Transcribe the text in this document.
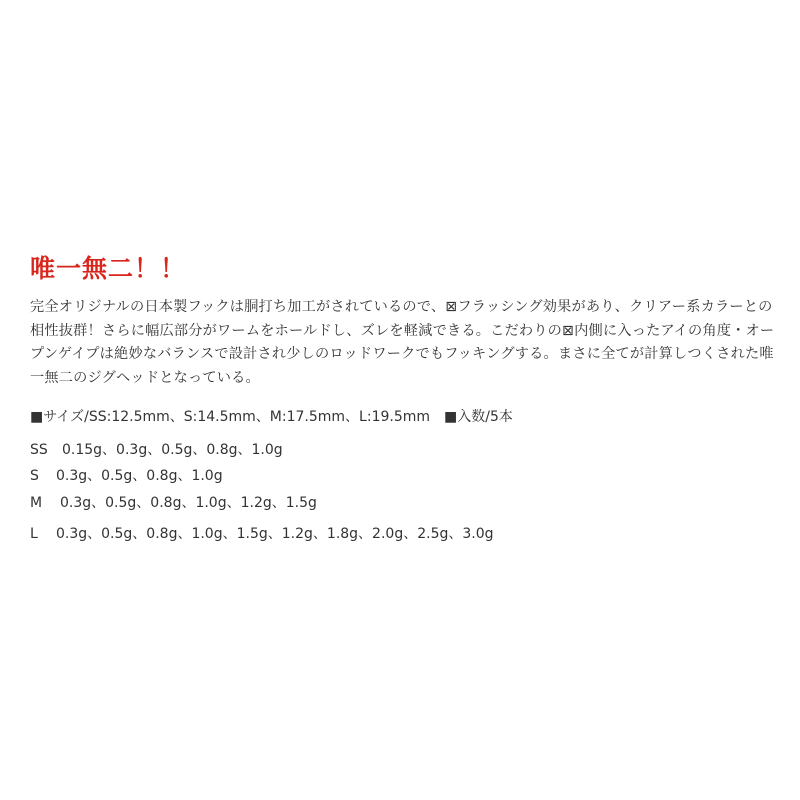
唯一無二！！

完全オリジナルの日本製フックは胴打ち加工がされているので、⊠フラッシング効果があり、クリアー系カラーとの相性抜群！さらに幅広部分がワームをホールドし、ズレを軽減できる。こだわりの⊠内側に入ったアイの角度・オープンゲイプは絶妙なバランスで設計され少しのロッドワークでもフッキングする。まさに全てが計算しつくされた唯一無二のジグヘッドとなっている。

■サイズ/SS:12.5mm、S:14.5mm、M:17.5mm、L:19.5mm　■入数/5本
SS 0.15g、0.3g、0.5g、0.8g、1.0g
S 0.3g、0.5g、0.8g、1.0g
M 0.3g、0.5g、0.8g、1.0g、1.2g、1.5g
L 0.3g、0.5g、0.8g、1.0g、1.5g、1.2g、1.8g、2.0g、2.5g、3.0g
